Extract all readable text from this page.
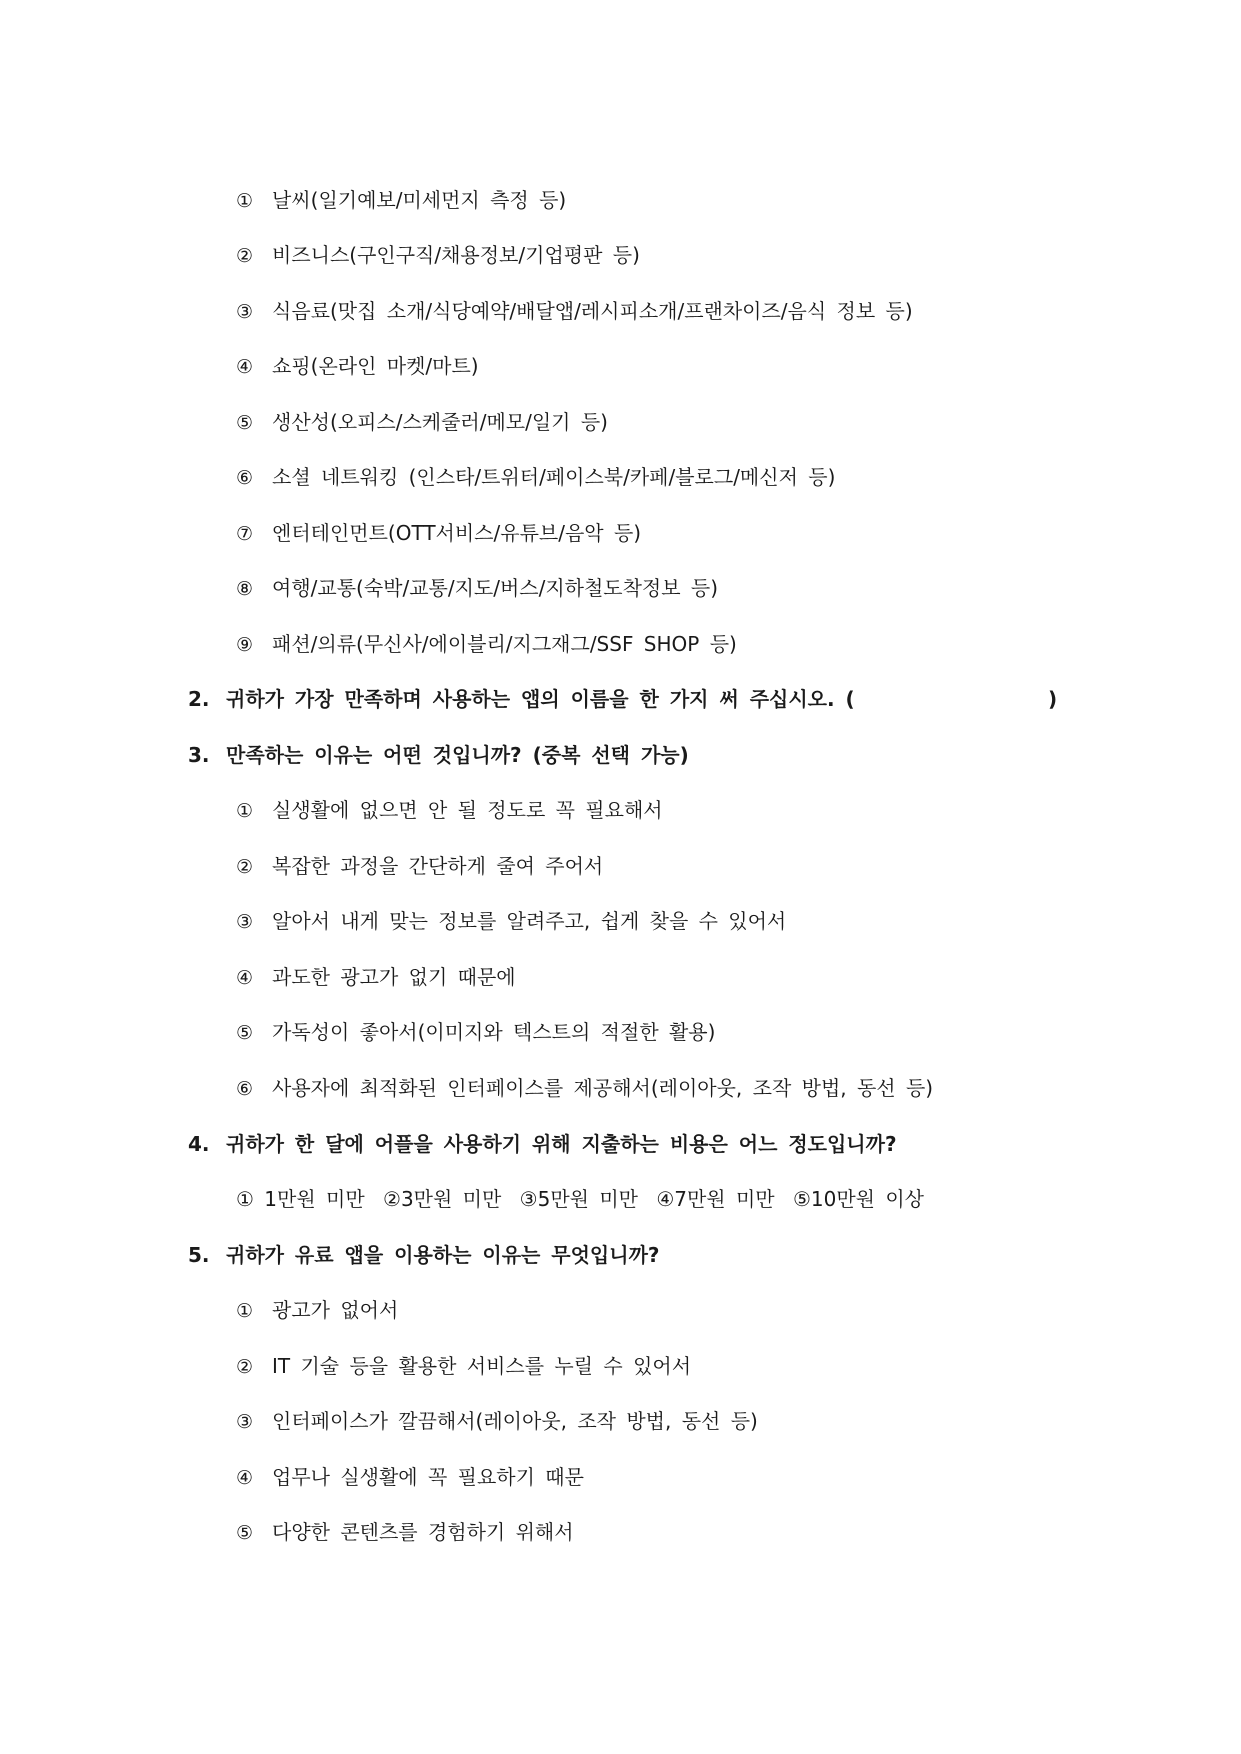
① 날씨(일기예보/미세먼지 측정 등)
② 비즈니스(구인구직/채용정보/기업평판 등)
③ 식음료(맛집 소개/식당예약/배달앱/레시피소개/프랜차이즈/음식 정보 등)
④ 쇼핑(온라인 마켓/마트)
⑤ 생산성(오피스/스케줄러/메모/일기 등)
⑥ 소셜 네트워킹 (인스타/트위터/페이스북/카페/블로그/메신저 등)
⑦ 엔터테인먼트(OTT서비스/유튜브/음악 등)
⑧ 여행/교통(숙박/교통/지도/버스/지하철도착정보 등)
⑨ 패션/의류(무신사/에이블리/지그재그/SSF SHOP 등)
2. 귀하가 가장 만족하며 사용하는 앱의 이름을 한 가지 써 주십시오. (	)
3. 만족하는 이유는 어떤 것입니까? (중복 선택 가능)
① 실생활에 없으면 안 될 정도로 꼭 필요해서
② 복잡한 과정을 간단하게 줄여 주어서
③ 알아서 내게 맞는 정보를 알려주고, 쉽게 찾을 수 있어서
④ 과도한 광고가 없기 때문에
⑤ 가독성이 좋아서(이미지와 텍스트의 적절한 활용)
⑥ 사용자에 최적화된 인터페이스를 제공해서(레이아웃, 조작 방법, 동선 등)
4. 귀하가 한 달에 어플을 사용하기 위해 지출하는 비용은 어느 정도입니까?
① 1만원 미만 ②3만원 미만 ③5만원 미만 ④7만원 미만 ⑤10만원 이상
5. 귀하가 유료 앱을 이용하는 이유는 무엇입니까?
① 광고가 없어서
② IT 기술 등을 활용한 서비스를 누릴 수 있어서
③ 인터페이스가 깔끔해서(레이아웃, 조작 방법, 동선 등)
④ 업무나 실생활에 꼭 필요하기 때문
⑤ 다양한 콘텐츠를 경험하기 위해서
